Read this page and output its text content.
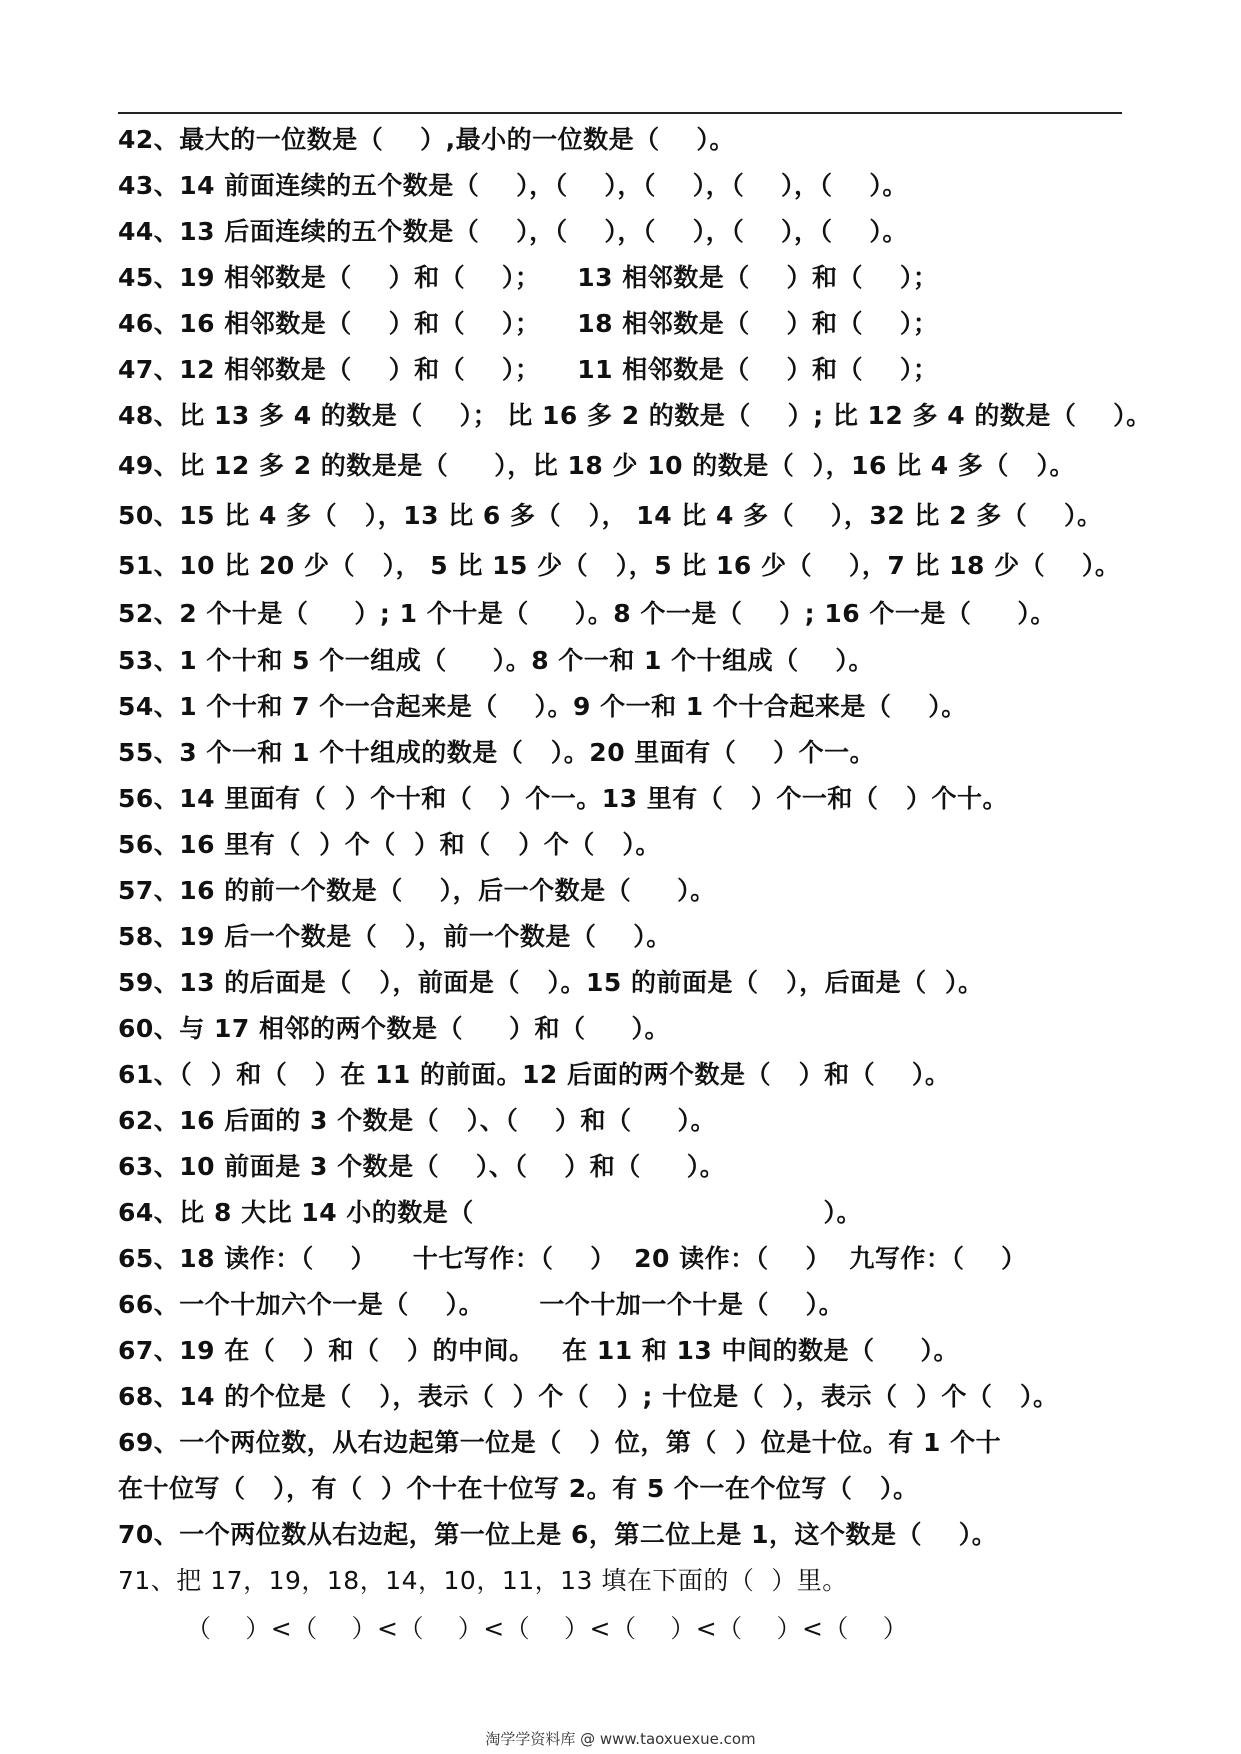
42、最大的一位数是（    ）,最小的一位数是（    ）。

43、14 前面连续的五个数是（    ），（    ），（    ），（    ），（    ）。

44、13 后面连续的五个数是（    ），（    ），（    ），（    ），（    ）。

45、19 相邻数是（    ）和（    ）；    13 相邻数是（    ）和（    ）；

46、16 相邻数是（    ）和（    ）；    18 相邻数是（    ）和（    ）；

47、12 相邻数是（    ）和（    ）；    11 相邻数是（    ）和（    ）；

48、比 13 多 4 的数是（    ）； 比 16 多 2 的数是（    ）; 比 12 多 4 的数是（    ）。

49、比 12 多 2 的数是是（     ），比 18 少 10 的数是（  ），16 比 4 多（   ）。

50、15 比 4 多（   ），13 比 6 多（   ）， 14 比 4 多（    ），32 比 2 多（    ）。

51、10 比 20 少（   ）， 5 比 15 少（   ），5 比 16 少（    ），7 比 18 少（    ）。

52、2 个十是（     ）; 1 个十是（     ）。8 个一是（    ）; 16 个一是（     ）。

53、1 个十和 5 个一组成（     ）。8 个一和 1 个十组成（    ）。

54、1 个十和 7 个一合起来是（    ）。9 个一和 1 个十合起来是（    ）。

55、3 个一和 1 个十组成的数是（   ）。20 里面有（    ）个一。

56、14 里面有（  ）个十和（   ）个一。13 里有（   ）个一和（   ）个十。

56、16 里有（  ）个（  ）和（   ）个（   ）。

57、16 的前一个数是（    ），后一个数是（     ）。

58、19 后一个数是（   ），前一个数是（    ）。

59、13 的后面是（   ），前面是（   ）。15 的前面是（   ），后面是（  ）。

60、与 17 相邻的两个数是（     ）和（     ）。

61、（  ）和（   ）在 11 的前面。12 后面的两个数是（   ）和（    ）。

62、16 后面的 3 个数是（   ）、（    ）和（     ）。

63、10 前面是 3 个数是（    ）、（    ）和（     ）。

64、比 8 大比 14 小的数是（                                      ）。

65、18 读作：（    ）    十七写作：（    ）  20 读作：（    ）  九写作：（    ）

66、一个十加六个一是（    ）。      一个十加一个十是（    ）。

67、19 在（   ）和（   ）的中间。   在 11 和 13 中间的数是（     ）。

68、14 的个位是（   ），表示（  ）个（   ）; 十位是（  ），表示（  ）个（   ）。

69、一个两位数，从右边起第一位是（   ）位，第（  ）位是十位。有 1 个十

在十位写（   ），有（  ）个十在十位写 2。有 5 个一在个位写（   ）。

70、一个两位数从右边起，第一位上是 6，第二位上是 1，这个数是（    ）。

71、把 17，19，18，14，10，11，13 填在下面的（  ）里。

（    ）<（    ）<（    ）<（    ）<（    ）<（    ）<（    ）

淘学学资料库 @ www.taoxuexue.com
